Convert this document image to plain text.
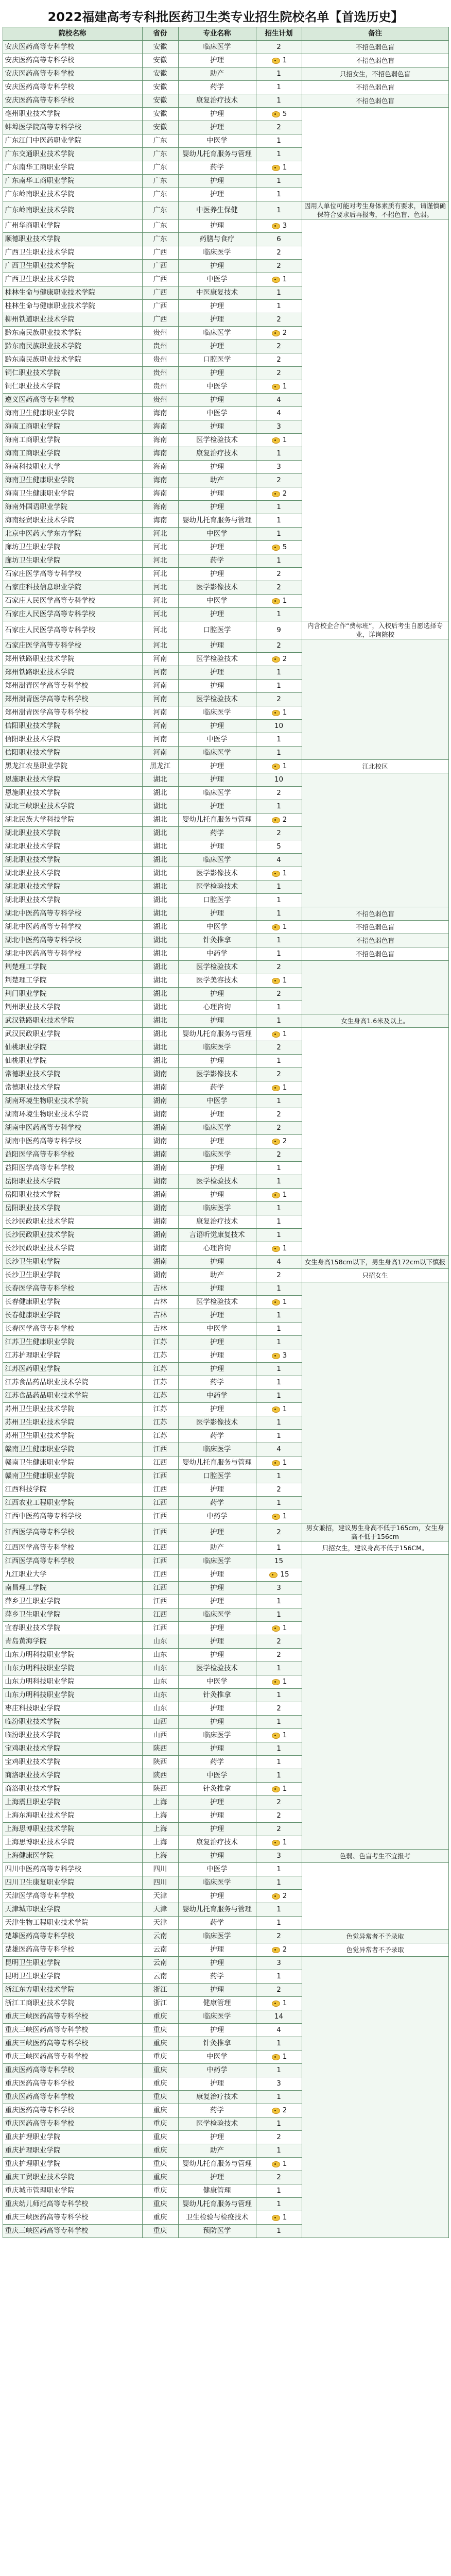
2022福建高考专科批医药卫生类专业招生院校名单【首选历史】
院校名称	省份	专业名称	招生计划	备注
安庆医药高等专科学校	安徽	临床医学	2	不招色弱色盲
安庆医药高等专科学校	安徽	护理	1	不招色弱色盲
安庆医药高等专科学校	安徽	助产	1	只招女生，不招色弱色盲
安庆医药高等专科学校	安徽	药学	1	不招色弱色盲
安庆医药高等专科学校	安徽	康复治疗技术	1	不招色弱色盲
亳州职业技术学院	安徽	护理	5	
蚌埠医学院高等专科学校	安徽	护理	2	
广东江门中医药职业学院	广东	中医学	1	
广东交通职业技术学院	广东	婴幼儿托育服务与管理	1	
广东南华工商职业学院	广东	药学	1	
广东南华工商职业学院	广东	护理	1	
广东岭南职业技术学院	广东	护理	1	
广东岭南职业技术学院	广东	中医养生保健	1	因用人单位可能对考生身体素质有要求，请谨慎确保符合要求后再报考，不招色盲、色弱。
广州华商职业学院	广东	护理	3	
顺德职业技术学院	广东	药膳与食疗	6	
广西卫生职业技术学院	广西	临床医学	2	
广西卫生职业技术学院	广西	护理	2	
广西卫生职业技术学院	广西	中医学	1	
桂林生命与健康职业技术学院	广西	中医康复技术	1	
桂林生命与健康职业技术学院	广西	护理	1	
柳州铁道职业技术学院	广西	护理	2	
黔东南民族职业技术学院	贵州	临床医学	2	
黔东南民族职业技术学院	贵州	护理	2	
黔东南民族职业技术学院	贵州	口腔医学	2	
铜仁职业技术学院	贵州	护理	2	
铜仁职业技术学院	贵州	中医学	1	
遵义医药高等专科学校	贵州	护理	4	
海南卫生健康职业学院	海南	中医学	4	
海南工商职业学院	海南	护理	3	
海南工商职业学院	海南	医学检验技术	1	
海南工商职业学院	海南	康复治疗技术	1	
海南科技职业大学	海南	护理	3	
海南卫生健康职业学院	海南	助产	2	
海南卫生健康职业学院	海南	护理	2	
海南外国语职业学院	海南	护理	1	
海南经贸职业技术学院	海南	婴幼儿托育服务与管理	1	
北京中医药大学东方学院	河北	中医学	1	
廊坊卫生职业学院	河北	护理	5	
廊坊卫生职业学院	河北	药学	1	
石家庄医学高等专科学校	河北	护理	2	
石家庄科技信息职业学院	河北	医学影像技术	2	
石家庄人民医学高等专科学校	河北	中医学	1	
石家庄人民医学高等专科学校	河北	护理	1	
石家庄人民医学高等专科学校	河北	口腔医学	9	内含校企合作“费标班”，入校后考生自愿选择专业，详询院校
石家庄医学高等专科学校	河北	护理	2	
郑州铁路职业技术学院	河南	医学检验技术	2	
郑州铁路职业技术学院	河南	护理	1	
郑州澍青医学高等专科学校	河南	护理	1	
郑州澍青医学高等专科学校	河南	医学检验技术	2	
郑州澍青医学高等专科学校	河南	临床医学	1	
信阳职业技术学院	河南	护理	10	
信阳职业技术学院	河南	中医学	1	
信阳职业技术学院	河南	临床医学	1	
黑龙江农垦职业学院	黑龙江	护理	1	江北校区
恩施职业技术学院	湖北	护理	10	
恩施职业技术学院	湖北	临床医学	2	
湖北三峡职业技术学院	湖北	护理	1	
湖北民族大学科技学院	湖北	婴幼儿托育服务与管理	2	
湖北职业技术学院	湖北	药学	2	
湖北职业技术学院	湖北	护理	5	
湖北职业技术学院	湖北	临床医学	4	
湖北职业技术学院	湖北	医学影像技术	1	
湖北职业技术学院	湖北	医学检验技术	1	
湖北职业技术学院	湖北	口腔医学	1	
湖北中医药高等专科学校	湖北	护理	1	不招色弱色盲
湖北中医药高等专科学校	湖北	中医学	1	不招色弱色盲
湖北中医药高等专科学校	湖北	针灸推拿	1	不招色弱色盲
湖北中医药高等专科学校	湖北	中药学	1	不招色弱色盲
荆楚理工学院	湖北	医学检验技术	2	
荆楚理工学院	湖北	医学美容技术	1	
荆门职业学院	湖北	护理	2	
荆州职业技术学院	湖北	心理咨询	1	
武汉铁路职业技术学院	湖北	护理	1	女生身高1.6米及以上。
武汉民政职业学院	湖北	婴幼儿托育服务与管理	1	
仙桃职业学院	湖北	临床医学	2	
仙桃职业学院	湖北	护理	1	
常德职业技术学院	湖南	医学影像技术	2	
常德职业技术学院	湖南	药学	1	
湖南环境生物职业技术学院	湖南	中医学	1	
湖南环境生物职业技术学院	湖南	护理	2	
湖南中医药高等专科学校	湖南	临床医学	2	
湖南中医药高等专科学校	湖南	护理	2	
益阳医学高等专科学校	湖南	临床医学	2	
益阳医学高等专科学校	湖南	护理	1	
岳阳职业技术学院	湖南	医学检验技术	1	
岳阳职业技术学院	湖南	护理	1	
岳阳职业技术学院	湖南	临床医学	1	
长沙民政职业技术学院	湖南	康复治疗技术	1	
长沙民政职业技术学院	湖南	言语听觉康复技术	1	
长沙民政职业技术学院	湖南	心理咨询	1	
长沙卫生职业学院	湖南	护理	4	女生身高158cm以下，男生身高172cm以下慎报
长沙卫生职业学院	湖南	助产	2	只招女生
长春医学高等专科学校	吉林	护理	1	
长春健康职业学院	吉林	医学检验技术	1	
长春健康职业学院	吉林	护理	1	
长春医学高等专科学校	吉林	中医学	1	
江苏卫生健康职业学院	江苏	护理	1	
江苏护理职业学院	江苏	护理	3	
江苏医药职业学院	江苏	护理	1	
江苏食品药品职业技术学院	江苏	药学	1	
江苏食品药品职业技术学院	江苏	中药学	1	
苏州卫生职业技术学院	江苏	护理	1	
苏州卫生职业技术学院	江苏	医学影像技术	1	
苏州卫生职业技术学院	江苏	药学	1	
赣南卫生健康职业学院	江西	临床医学	4	
赣南卫生健康职业学院	江西	婴幼儿托育服务与管理	1	
赣南卫生健康职业学院	江西	口腔医学	1	
江西科技学院	江西	护理	2	
江西农业工程职业学院	江西	药学	1	
江西中医药高等专科学校	江西	中药学	1	
江西医学高等专科学校	江西	护理	2	男女兼招，建议男生身高不低于165cm，女生身高不低于156cm
江西医学高等专科学校	江西	助产	1	只招女生，建议身高不低于156CM。
江西医学高等专科学校	江西	临床医学	15	
九江职业大学	江西	护理	15	
南昌理工学院	江西	护理	3	
萍乡卫生职业学院	江西	护理	1	
萍乡卫生职业学院	江西	临床医学	1	
宜春职业技术学院	江西	护理	1	
青岛黄海学院	山东	护理	2	
山东力明科技职业学院	山东	护理	2	
山东力明科技职业学院	山东	医学检验技术	1	
山东力明科技职业学院	山东	中医学	1	
山东力明科技职业学院	山东	针灸推拿	1	
枣庄科技职业学院	山东	护理	2	
临汾职业技术学院	山西	护理	1	
临汾职业技术学院	山西	临床医学	1	
宝鸡职业技术学院	陕西	护理	1	
宝鸡职业技术学院	陕西	药学	1	
商洛职业技术学院	陕西	中医学	1	
商洛职业技术学院	陕西	针灸推拿	1	
上海震旦职业学院	上海	护理	2	
上海东海职业技术学院	上海	护理	2	
上海思博职业技术学院	上海	护理	2	
上海思博职业技术学院	上海	康复治疗技术	1	
上海健康医学院	上海	护理	3	色弱、色盲考生不宜报考
四川中医药高等专科学校	四川	中医学	1	
四川卫生康复职业学院	四川	临床医学	1	
天津医学高等专科学校	天津	护理	2	
天津城市职业学院	天津	婴幼儿托育服务与管理	1	
天津生物工程职业技术学院	天津	药学	1	
楚雄医药高等专科学校	云南	临床医学	2	色觉异常者不予录取
楚雄医药高等专科学校	云南	护理	2	色觉异常者不予录取
昆明卫生职业学院	云南	护理	3	
昆明卫生职业学院	云南	药学	1	
浙江东方职业技术学院	浙江	护理	2	
浙江工商职业技术学院	浙江	健康管理	1	
重庆三峡医药高等专科学校	重庆	临床医学	14	
重庆三峡医药高等专科学校	重庆	护理	4	
重庆三峡医药高等专科学校	重庆	针灸推拿	1	
重庆三峡医药高等专科学校	重庆	中医学	1	
重庆医药高等专科学校	重庆	中药学	1	
重庆医药高等专科学校	重庆	护理	3	
重庆医药高等专科学校	重庆	康复治疗技术	1	
重庆医药高等专科学校	重庆	药学	2	
重庆医药高等专科学校	重庆	医学检验技术	1	
重庆护理职业学院	重庆	护理	2	
重庆护理职业学院	重庆	助产	1	
重庆护理职业学院	重庆	婴幼儿托育服务与管理	1	
重庆工贸职业技术学院	重庆	护理	2	
重庆城市管理职业学院	重庆	健康管理	1	
重庆幼儿师范高等专科学校	重庆	婴幼儿托育服务与管理	1	
重庆三峡医药高等专科学校	重庆	卫生检验与检疫技术	1	
重庆三峡医药高等专科学校	重庆	预防医学	1	
